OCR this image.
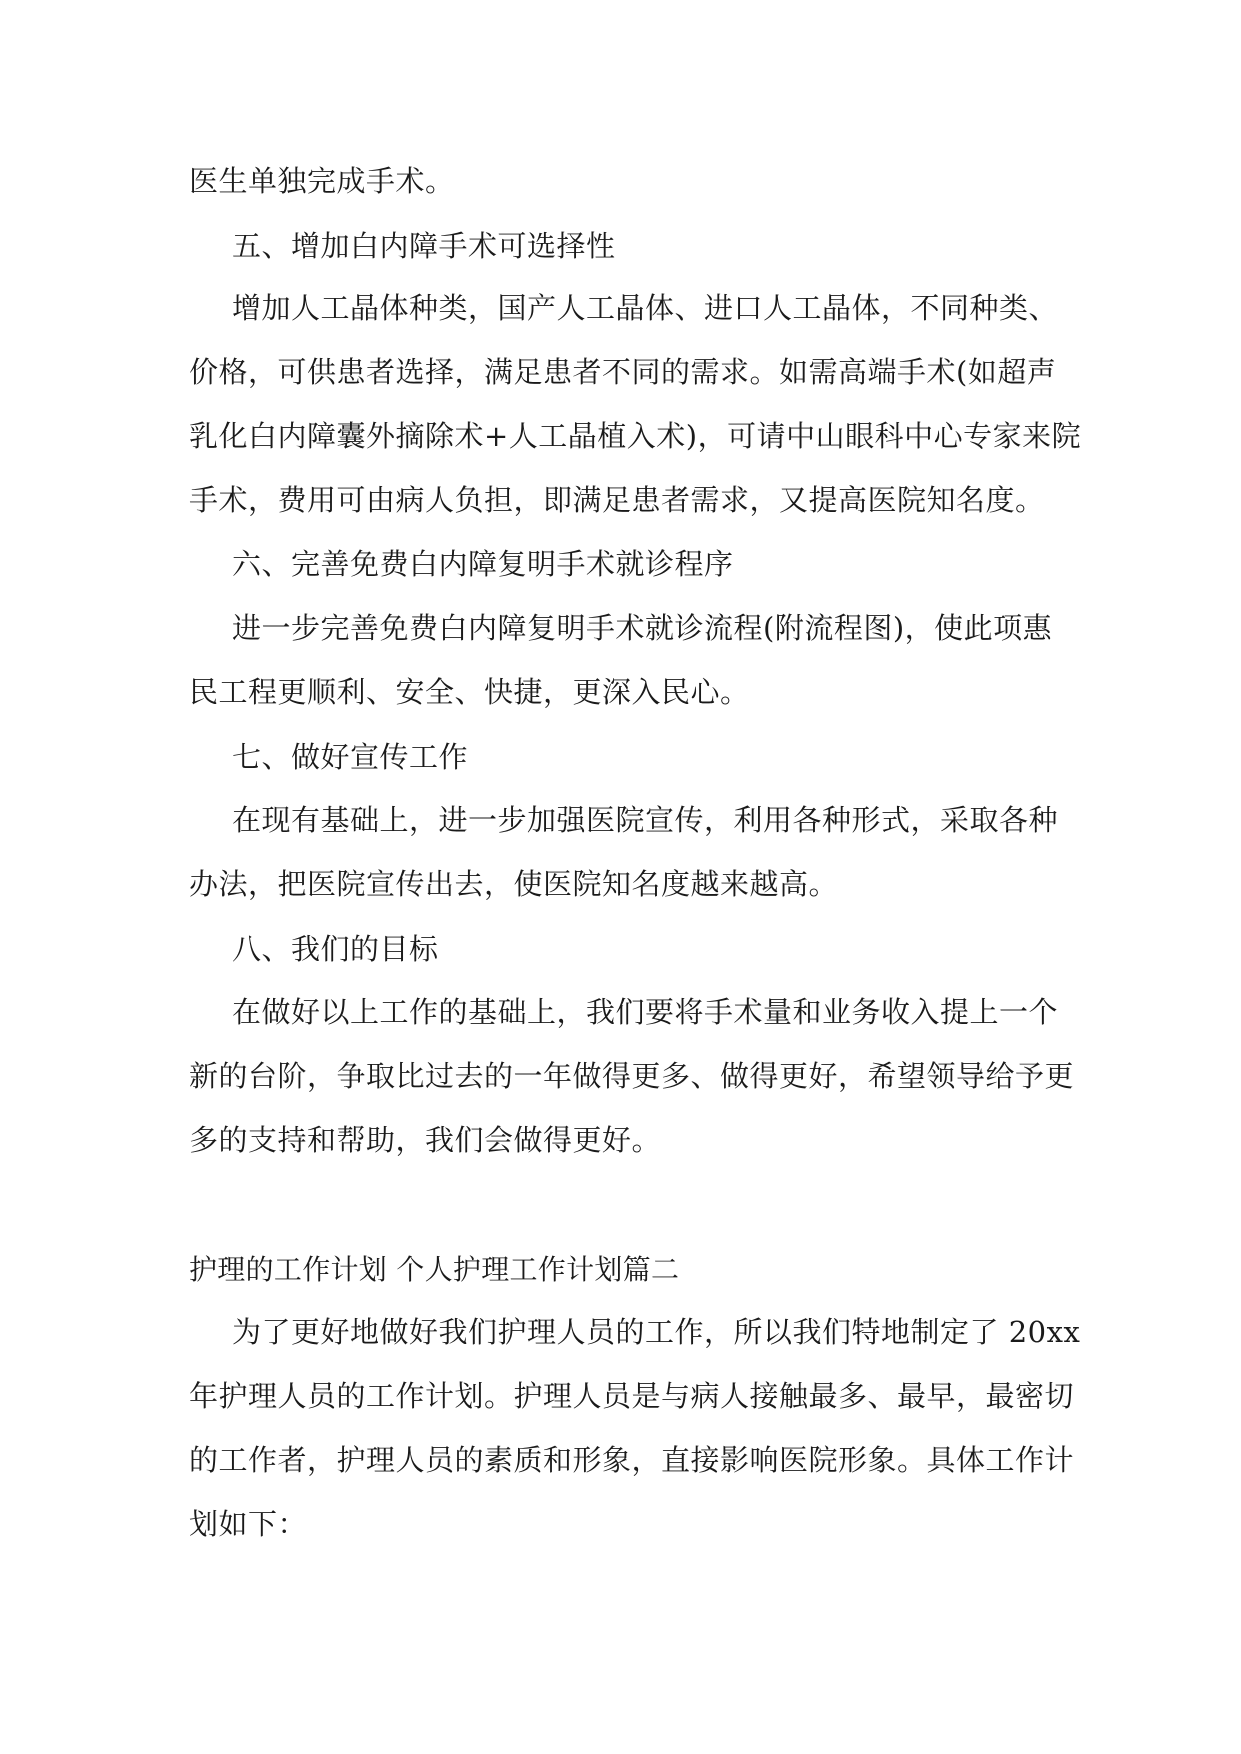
医生单独完成手术。
五、增加白内障手术可选择性
增加人工晶体种类，国产人工晶体、进口人工晶体，不同种类、
价格，可供患者选择，满足患者不同的需求。如需高端手术(如超声
乳化白内障囊外摘除术+人工晶植入术)，可请中山眼科中心专家来院
手术，费用可由病人负担，即满足患者需求，又提高医院知名度。
六、完善免费白内障复明手术就诊程序
进一步完善免费白内障复明手术就诊流程(附流程图)，使此项惠
民工程更顺利、安全、快捷，更深入民心。
七、做好宣传工作
在现有基础上，进一步加强医院宣传，利用各种形式，采取各种
办法，把医院宣传出去，使医院知名度越来越高。
八、我们的目标
在做好以上工作的基础上，我们要将手术量和业务收入提上一个
新的台阶，争取比过去的一年做得更多、做得更好，希望领导给予更
多的支持和帮助，我们会做得更好。
护理的工作计划 个人护理工作计划篇二
为了更好地做好我们护理人员的工作，所以我们特地制定了 20xx
年护理人员的工作计划。护理人员是与病人接触最多、最早，最密切
的工作者，护理人员的素质和形象，直接影响医院形象。具体工作计
划如下：
